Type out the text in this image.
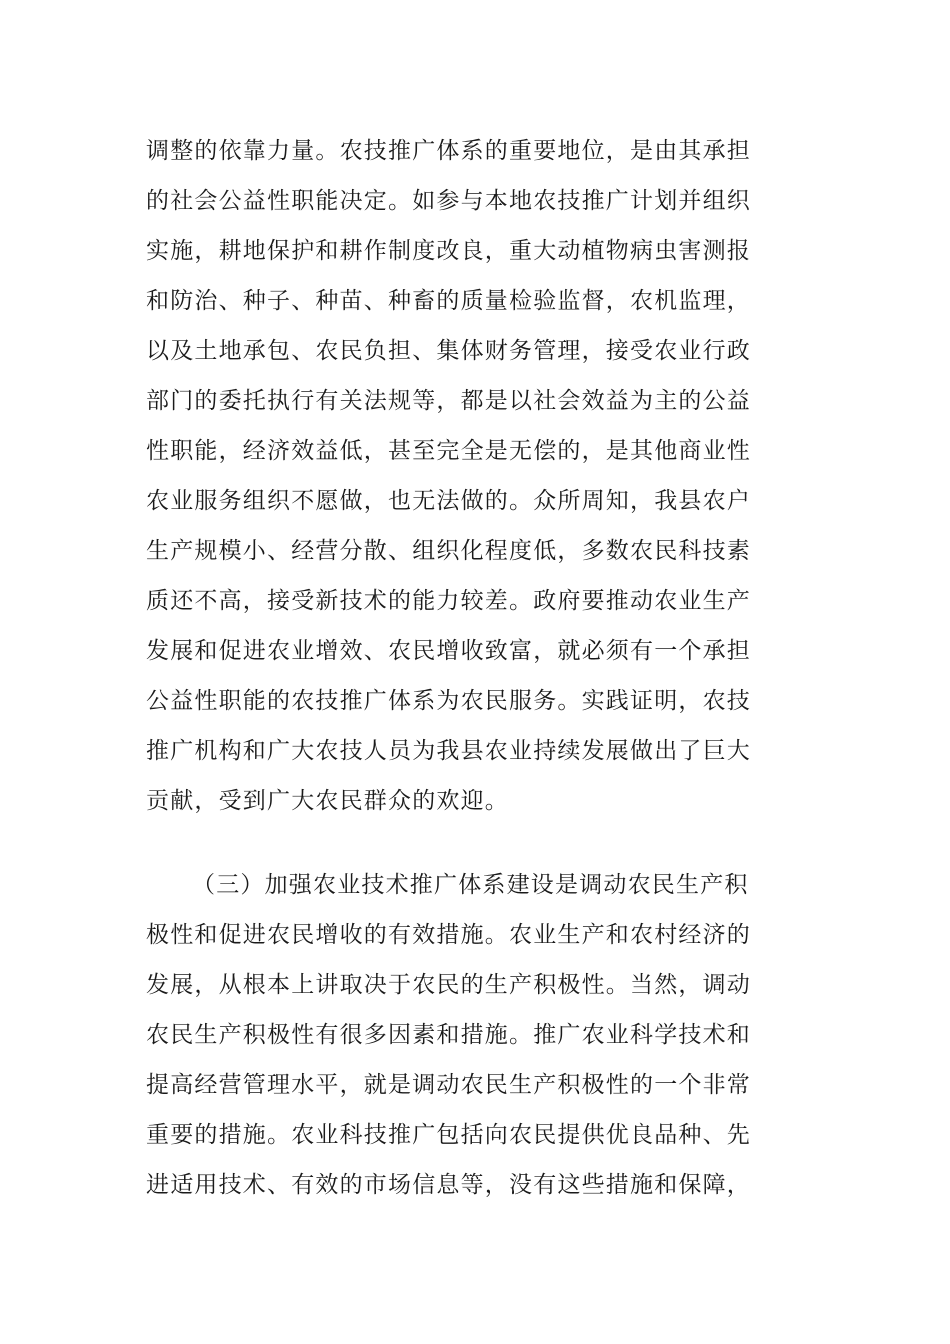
调整的依靠力量。农技推广体系的重要地位，是由其承担
的社会公益性职能决定。如参与本地农技推广计划并组织
实施，耕地保护和耕作制度改良，重大动植物病虫害测报
和防治、种子、种苗、种畜的质量检验监督，农机监理，
以及土地承包、农民负担、集体财务管理，接受农业行政
部门的委托执行有关法规等，都是以社会效益为主的公益
性职能，经济效益低，甚至完全是无偿的，是其他商业性
农业服务组织不愿做，也无法做的。众所周知，我县农户
生产规模小、经营分散、组织化程度低，多数农民科技素
质还不高，接受新技术的能力较差。政府要推动农业生产
发展和促进农业增效、农民增收致富，就必须有一个承担
公益性职能的农技推广体系为农民服务。实践证明，农技
推广机构和广大农技人员为我县农业持续发展做出了巨大
贡献，受到广大农民群众的欢迎。
（三）加强农业技术推广体系建设是调动农民生产积
极性和促进农民增收的有效措施。农业生产和农村经济的
发展，从根本上讲取决于农民的生产积极性。当然，调动
农民生产积极性有很多因素和措施。推广农业科学技术和
提高经营管理水平，就是调动农民生产积极性的一个非常
重要的措施。农业科技推广包括向农民提供优良品种、先
进适用技术、有效的市场信息等，没有这些措施和保障，
